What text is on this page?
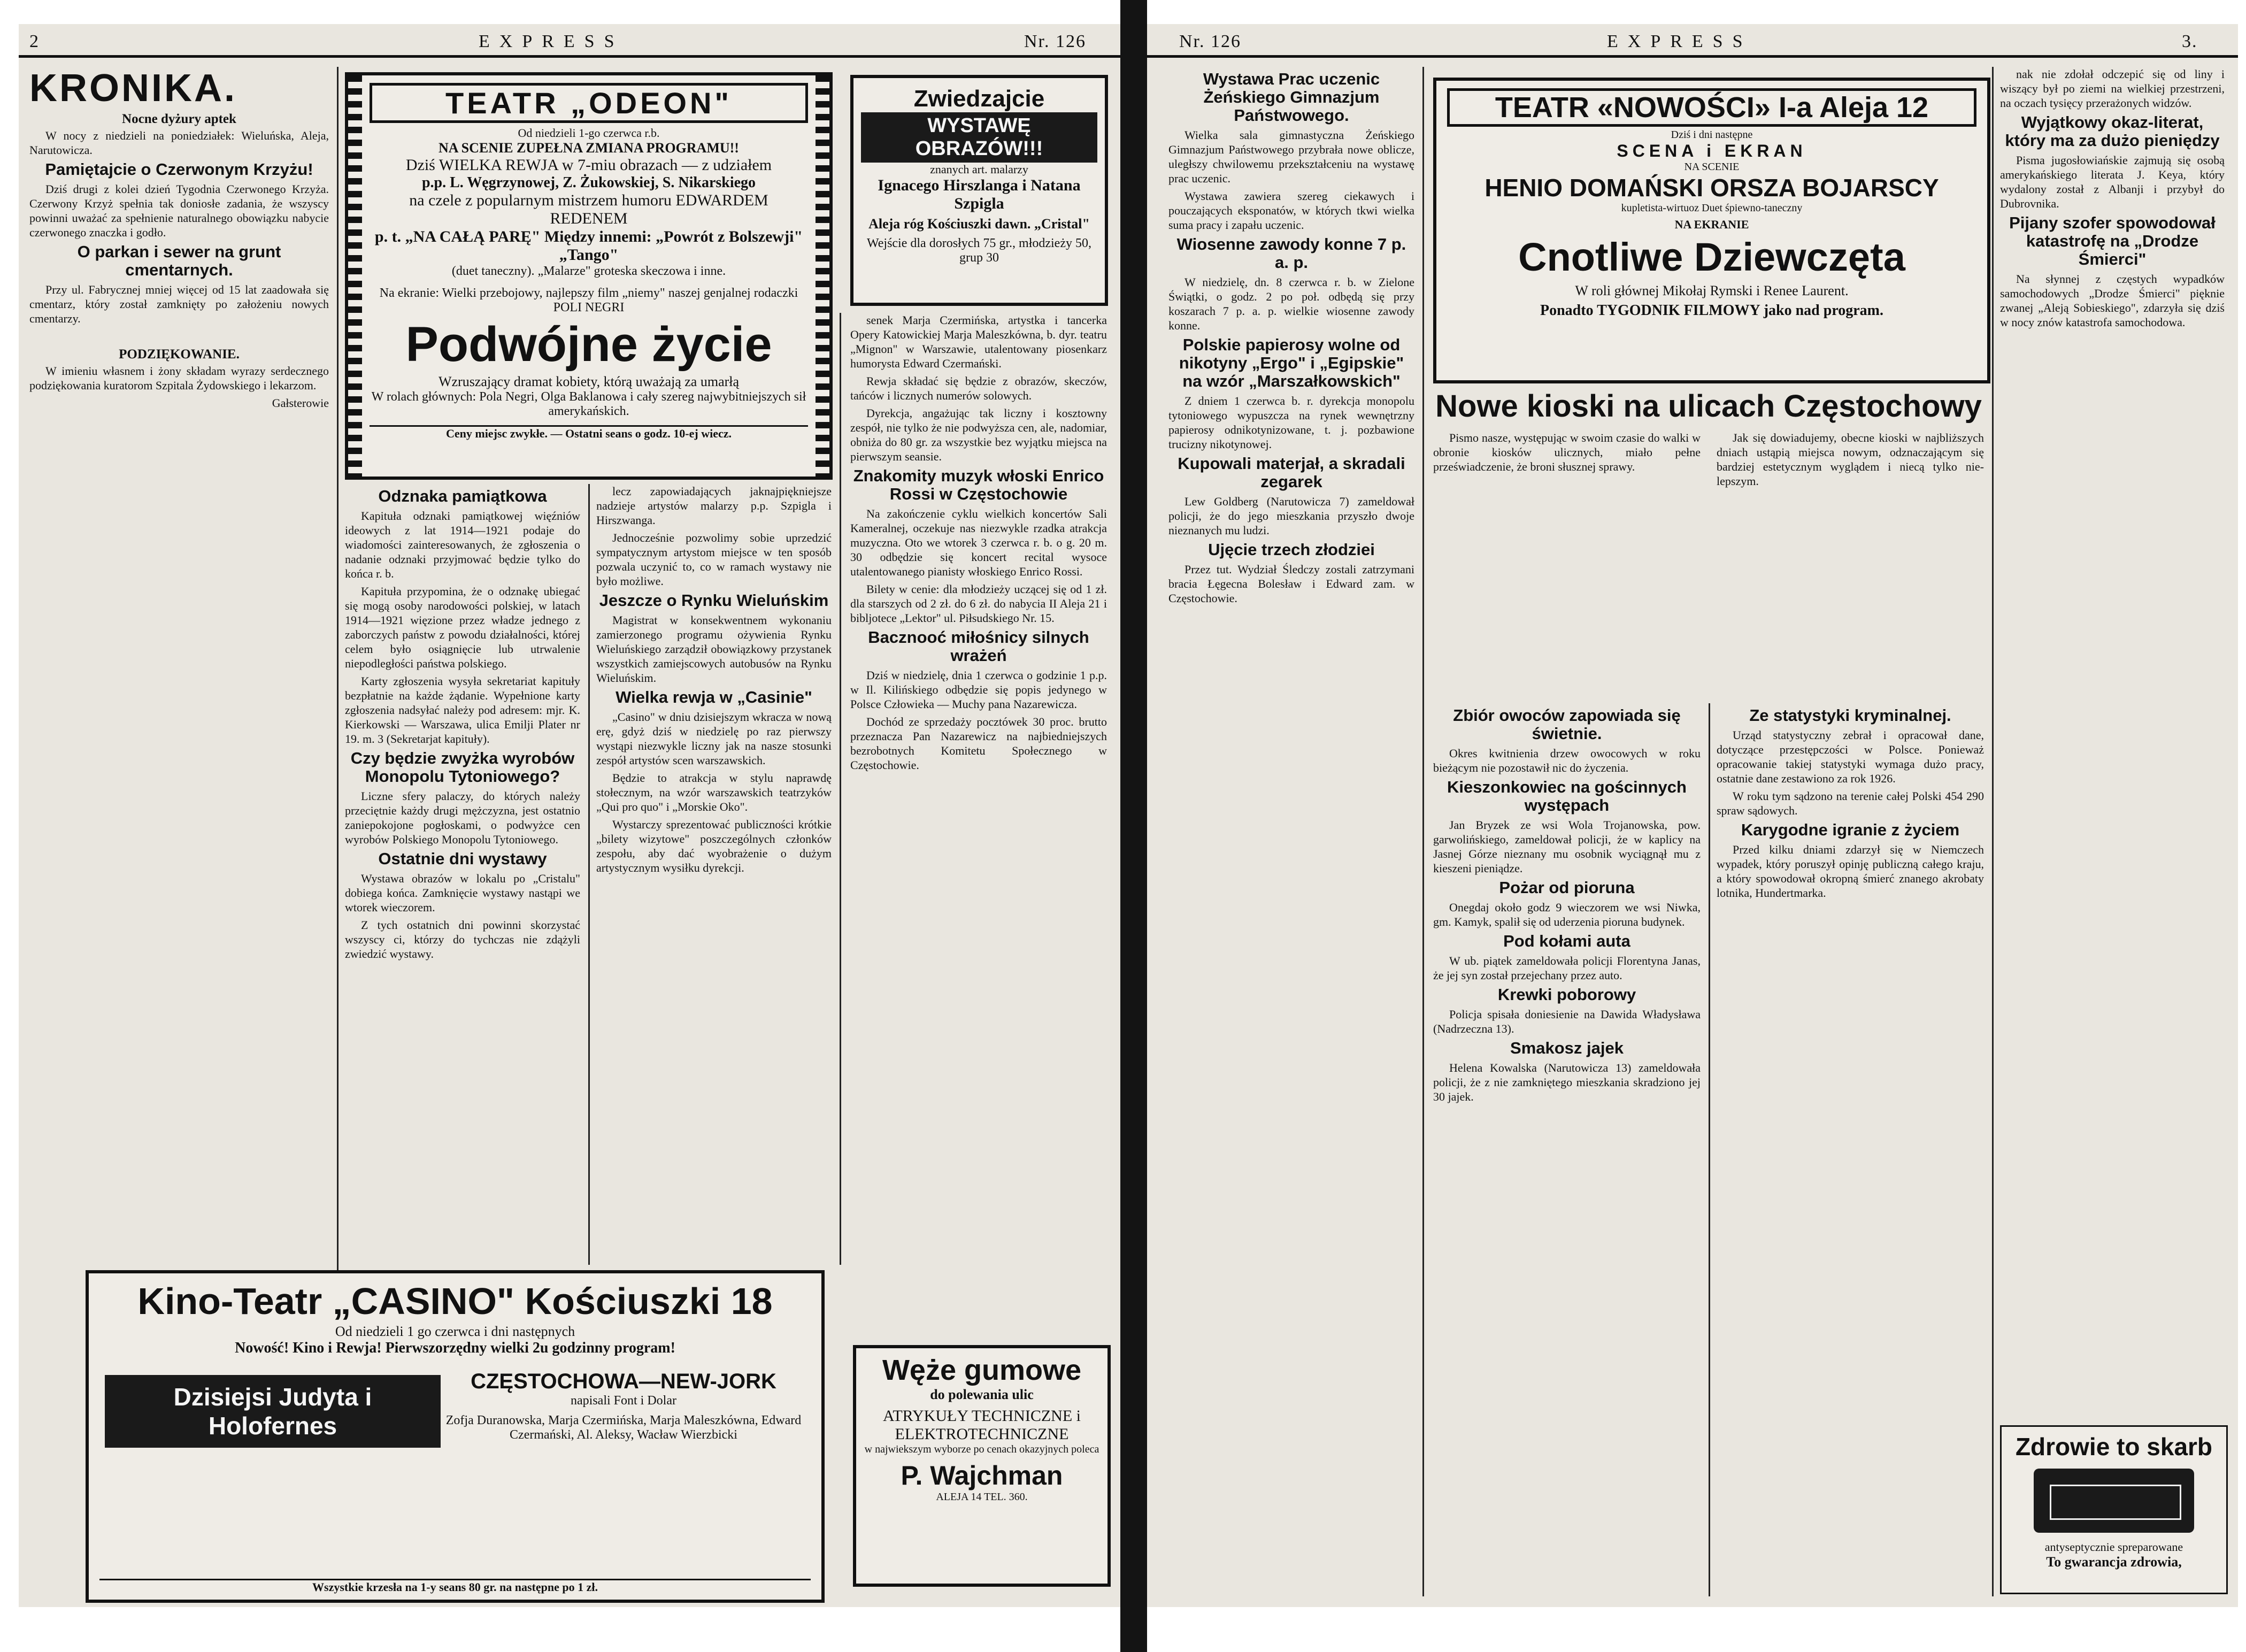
2	EXPRESS	Nr. 126
KRONIKA.
Nocne dyżury aptek

W nocy z niedzieli na poniedziałek: Wieluńska, Aleja, Narutowicza.

Pamiętajcie o Czerwonym Krzyżu!

Dziś drugi z kolei dzień Tygodnia Czerwonego Krzyża. Czerwony Krzyż spełnia tak doniosłe zadania, że wszyscy powinni uważać za spełnienie naturalnego obowiązku nabycie czerwonego znaczka i godło.

O parkan i sewer na grunt cmentarnych.

Przy ul. Fabrycznej mniej więcej od 15 lat zaadowała się cmentarz, który został zamknięty po założeniu nowych cmentarzy.

PODZIĘKOWANIE.

W imieniu własnem i żony składam wyrazy serdecznego podziękowania kuratorom Szpitala Żydowskiego i lekarzom.

Gałsterowie
TEATR „ODEON"
Od niedzieli 1-go czerwca r.b.
NA SCENIE ZUPEŁNA ZMIANA PROGRAMU!!
Dziś WIELKA REWJA w 7-miu obrazach — z udziałem
p.p. L. Węgrzynowej, Z. Żukowskiej, S. Nikarskiego
na czele z popularnym mistrzem humoru EDWARDEM REDENEM
p. t. „NA CAŁĄ PARĘ" Między innemi: „Powrót z Bolszewji" „Tango"
(duet taneczny). „Malarze" groteska skeczowa i inne.
Na ekranie: Wielki przebojowy, najlepszy film „niemy" naszej genjalnej rodaczki POLI NEGRI
Podwójne życie
Wzruszający dramat kobiety, którą uważają za umarłą
W rolach głównych: Pola Negri, Olga Baklanowa i cały szereg najwybitniejszych sił amerykańskich.
Ceny miejsc zwykłe. — Ostatni seans o godz. 10-ej wiecz.
Zwiedzajcie
WYSTAWĘ OBRAZÓW!!!
znanych art. malarzy
Ignacego Hirszlanga i Natana Szpigla
Aleja róg Kościuszki dawn. „Cristal"
Wejście dla dorosłych 75 gr., młodzieży 50, grup 30
Odznaka pamiątkowa

Kapituła odznaki pamiątkowej więźniów ideowych z lat 1914—1921 podaje do wiadomości zainteresowanych, że zgłoszenia o nadanie odznaki przyjmować będzie tylko do końca r. b.

Kapituła przypomina, że o odznakę ubiegać się mogą osoby narodowości polskiej, w latach 1914—1921 więzione przez władze jednego z zaborczych państw z powodu działalności, której celem było osiągnięcie lub utrwalenie niepodległości państwa polskiego.

Karty zgłoszenia wysyła sekretariat kapituły bezpłatnie na każde żądanie. Wypełnione karty zgłoszenia nadsyłać należy pod adresem: mjr. K. Kierkowski — Warszawa, ulica Emilji Plater nr 19. m. 3 (Sekretarjat kapituły).

Czy będzie zwyżka wyrobów Monopolu Tytoniowego?

Liczne sfery palaczy, do których należy przeciętnie każdy drugi mężczyzna, jest ostatnio zaniepokojone pogłoskami, o podwyżce cen wyrobów Polskiego Monopolu Tytoniowego.

Ostatnie dni wystawy

Wystawa obrazów w lokalu po „Cristalu" dobiega końca. Zamknięcie wystawy nastąpi we wtorek wieczorem.

Z tych ostatnich dni powinni skorzystać wszyscy ci, którzy do tychczas nie zdążyli zwiedzić wystawy.

lecz zapowiadających jaknajpiękniejsze nadzieje artystów malarzy p.p. Szpigla i Hirszwanga.

Jednocześnie pozwolimy sobie uprzedzić sympatycznym artystom miejsce w ten sposób pozwala uczynić to, co w ramach wystawy nie było możliwe.

Jeszcze o Rynku Wieluńskim

Magistrat w konsekwentnem wykonaniu zamierzonego programu ożywienia Rynku Wieluńskiego zarządził obowiązkowy przystanek wszystkich zamiejscowych autobusów na Rynku Wieluńskim.

Wielka rewja w „Casinie"

„Casino" w dniu dzisiejszym wkracza w nową erę, gdyż dziś w niedzielę po raz pierwszy wystąpi niezwykle liczny jak na nasze stosunki zespół artystów scen warszawskich.

Będzie to atrakcja w stylu naprawdę stołecznym, na wzór warszawskich teatrzyków „Qui pro quo" i „Morskie Oko".

Wystarczy sprezentować publiczności krótkie „bilety wizytowe" poszczególnych członków zespołu, aby dać wyobrażenie o dużym artystycznym wysiłku dyrekcji.

senek Marja Czermińska, artystka i tancerka Opery Katowickiej Marja Maleszkówna, b. dyr. teatru „Mignon" w Warszawie, utalentowany piosenkarz humorysta Edward Czermański.

Rewja składać się będzie z obrazów, skeczów, tańców i licznych numerów solowych.

Dyrekcja, angażując tak liczny i kosztowny zespół, nie tylko że nie podwyższa cen, ale, nadomiar, obniża do 80 gr. za wszystkie bez wyjątku miejsca na pierwszym seansie.

Znakomity muzyk włoski Enrico Rossi w Częstochowie

Na zakończenie cyklu wielkich koncertów Sali Kameralnej, oczekuje nas niezwykle rzadka atrakcja muzyczna. Oto we wtorek 3 czerwca r. b. o g. 20 m. 30 odbędzie się koncert recital wysoce utalentowanego pianisty włoskiego Enrico Rossi.

Bilety w cenie: dla młodzieży uczącej się od 1 zł. dla starszych od 2 zł. do 6 zł. do nabycia II Aleja 21 i bibljotece „Lektor" ul. Piłsudskiego Nr. 15.

Bacznooć miłośnicy silnych wrażeń

Dziś w niedzielę, dnia 1 czerwca o godzinie 1 p.p. w Il. Kilińskiego odbędzie się popis jedynego w Polsce Człowieka — Muchy pana Nazarewicza.

Dochód ze sprzedaży pocztówek 30 proc. brutto przeznacza Pan Nazarewicz na najbiedniejszych bezrobotnych Komitetu Społecznego w Częstochowie.

Kino-Teatr „CASINO" Kościuszki 18
Od niedzieli 1 go czerwca i dni następnych
Nowość! Kino i Rewja! Pierwszorzędny wielki 2u godzinny program!
Dzisiejsi Judyta i Holofernes
CZĘSTOCHOWA—NEW-JORK
napisali Font i Dolar
Zofja Duranowska, Marja Czermińska, Marja Maleszkówna, Edward Czermański, Al. Aleksy, Wacław Wierzbicki
Wszystkie krzesła na 1-y seans 80 gr. na następne po 1 zł.
Węże gumowe
do polewania ulic
ATRYKUŁY TECHNICZNE i ELEKTROTECHNICZNE
w najwiekszym wyborze po cenach okazyjnych poleca
P. Wajchman
ALEJA 14 TEL. 360.
Nr. 126	EXPRESS	3.
Wystawa Prac uczenic Żeńskiego Gimnazjum Państwowego.

Wielka sala gimnastyczna Żeńskiego Gimnazjum Państwowego przybrała nowe oblicze, uległszy chwilowemu przekształceniu na wystawę prac uczenic.

Wystawa zawiera szereg ciekawych i pouczających eksponatów, w których tkwi wielka suma pracy i zapału uczenic.

Wiosenne zawody konne 7 p. a. p.

W niedzielę, dn. 8 czerwca r. b. w Zielone Świątki, o godz. 2 po poł. odbędą się przy koszarach 7 p. a. p. wielkie wiosenne zawody konne.

Polskie papierosy wolne od nikotyny „Ergo" i „Egipskie" na wzór „Marszałkowskich"

Z dniem 1 czerwca b. r. dyrekcja monopolu tytoniowego wypuszcza na rynek wewnętrzny papierosy odnikotynizowane, t. j. pozbawione trucizny nikotynowej.

Kupowali materjał, a skradali zegarek

Lew Goldberg (Narutowicza 7) zameldował policji, że do jego mieszkania przyszło dwoje nieznanych mu ludzi.

Ujęcie trzech złodziei

Przez tut. Wydział Śledczy zostali zatrzymani bracia Łęgecna Bolesław i Edward zam. w Częstochowie.

TEATR «NOWOŚCI» I-a Aleja 12
Dziś i dni następne
SCENA i EKRAN
NA SCENIE
HENIO DOMAŃSKI ORSZA BOJARSCY
kupletista-wirtuoz Duet śpiewno-taneczny
NA EKRANIE
Cnotliwe Dziewczęta
W roli głównej Mikołaj Rymski i Renee Laurent.
Ponadto TYGODNIK FILMOWY jako nad program.
Nowe kioski na ulicach Częstochowy

Pismo nasze, występując w swoim czasie do walki w obronie kiosków ulicznych, miało pełne przeświadczenie, że broni słusznej sprawy.

Jak się dowiadujemy, obecne kioski w najbliższych dniach ustąpią miejsca nowym, odznaczającym się bardziej estetycznym wyglądem i niecą tylko nie-lepszym.

Zbiór owoców zapowiada się świetnie.

Okres kwitnienia drzew owocowych w roku bieżącym nie pozostawił nic do życzenia.

Kieszonkowiec na gościnnych występach

Jan Bryzek ze wsi Wola Trojanowska, pow. garwolińskiego, zameldował policji, że w kaplicy na Jasnej Górze nieznany mu osobnik wyciągnął mu z kieszeni pieniądze.

Pożar od pioruna

Onegdaj około godz 9 wieczorem we wsi Niwka, gm. Kamyk, spalił się od uderzenia pioruna budynek.

Pod kołami auta

W ub. piątek zameldowała policji Florentyna Janas, że jej syn został przejechany przez auto.

Krewki poborowy

Policja spisała doniesienie na Dawida Władysława (Nadrzeczna 13).

Smakosz jajek

Helena Kowalska (Narutowicza 13) zameldowała policji, że z nie zamkniętego mieszkania skradziono jej 30 jajek.

Ze statystyki kryminalnej.

Urząd statystyczny zebrał i opracował dane, dotyczące przestępczości w Polsce. Ponieważ opracowanie takiej statystyki wymaga dużo pracy, ostatnie dane zestawiono za rok 1926.

W roku tym sądzono na terenie całej Polski 454 290 spraw sądowych.

Karygodne igranie z życiem

Przed kilku dniami zdarzył się w Niemczech wypadek, który poruszył opinję publiczną całego kraju, a który spowodował okropną śmierć znanego akrobaty lotnika, Hundertmarka.

nak nie zdołał odczepić się od liny i wiszący był po ziemi na wielkiej przestrzeni, na oczach tysięcy przerażonych widzów.

Wyjątkowy okaz-literat, który ma za dużo pieniędzy

Pisma jugosłowiańskie zajmują się osobą amerykańskiego literata J. Keya, który wydalony został z Albanji i przybył do Dubrovnika.

Pijany szofer spowodował katastrofę na „Drodze Śmierci"

Na słynnej z częstych wypadków samochodowych „Drodze Śmierci" pięknie zwanej „Aleją Sobieskiego", zdarzyła się dziś w nocy znów katastrofa samochodowa.

Zdrowie to skarb
antyseptycznie spreparowane
To gwarancja zdrowia,
